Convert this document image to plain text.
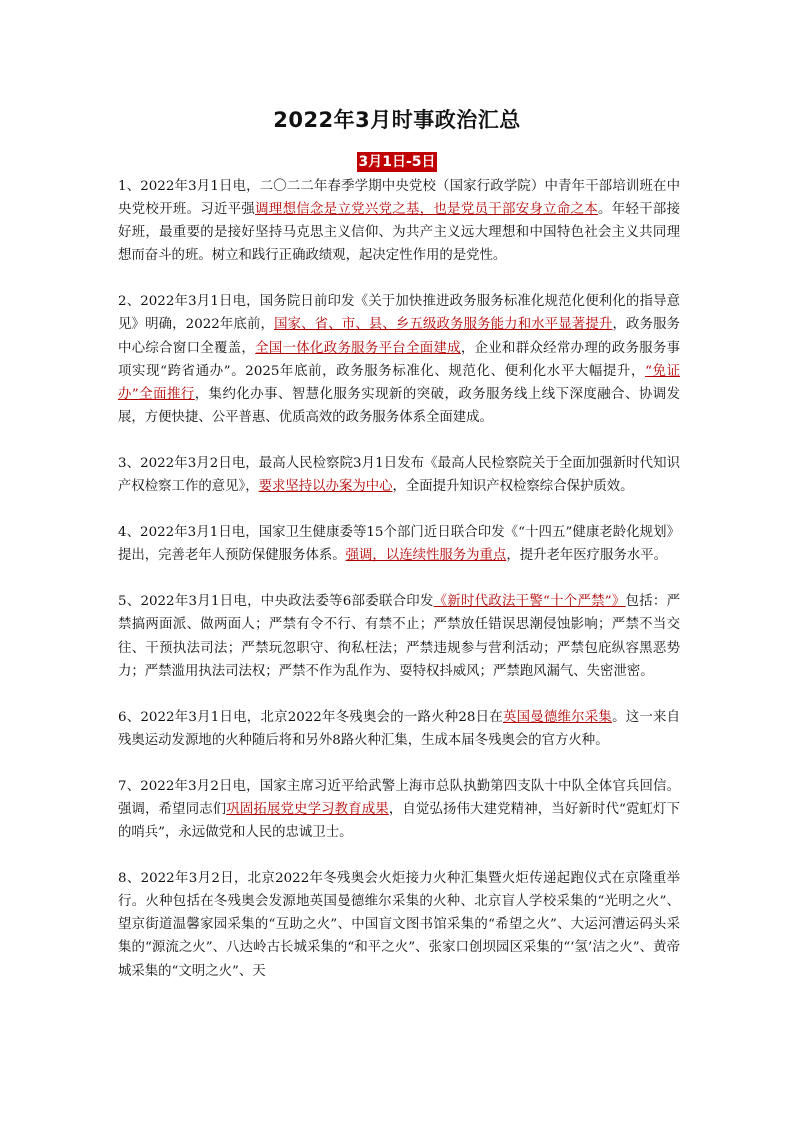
2022年3月时事政治汇总
3月1日-5日

1、2022年3月1日电，二〇二二年春季学期中央党校（国家行政学院）中青年干部培训班在中央党校开班。习近平强调理想信念是立党兴党之基，也是党员干部安身立命之本。年轻干部接好班，最重要的是接好坚持马克思主义信仰、为共产主义远大理想和中国特色社会主义共同理想而奋斗的班。树立和践行正确政绩观，起决定性作用的是党性。

2、2022年3月1日电，国务院日前印发《关于加快推进政务服务标准化规范化便利化的指导意见》明确，2022年底前，国家、省、市、县、乡五级政务服务能力和水平显著提升，政务服务中心综合窗口全覆盖，全国一体化政务服务平台全面建成，企业和群众经常办理的政务服务事项实现“跨省通办”。2025年底前，政务服务标准化、规范化、便利化水平大幅提升，“免证办”全面推行，集约化办事、智慧化服务实现新的突破，政务服务线上线下深度融合、协调发展，方便快捷、公平普惠、优质高效的政务服务体系全面建成。

3、2022年3月2日电，最高人民检察院3月1日发布《最高人民检察院关于全面加强新时代知识产权检察工作的意见》，要求坚持以办案为中心，全面提升知识产权检察综合保护质效。

4、2022年3月1日电，国家卫生健康委等15个部门近日联合印发《“十四五”健康老龄化规划》提出，完善老年人预防保健服务体系。强调，以连续性服务为重点，提升老年医疗服务水平。

5、2022年3月1日电，中央政法委等6部委联合印发《新时代政法干警“十个严禁”》包括：严禁搞两面派、做两面人；严禁有令不行、有禁不止；严禁放任错误思潮侵蚀影响；严禁不当交往、干预执法司法；严禁玩忽职守、徇私枉法；严禁违规参与营利活动；严禁包庇纵容黑恶势力；严禁滥用执法司法权；严禁不作为乱作为、耍特权抖威风；严禁跑风漏气、失密泄密。

6、2022年3月1日电，北京2022年冬残奥会的一路火种28日在英国曼德维尔采集。这一来自残奥运动发源地的火种随后将和另外8路火种汇集，生成本届冬残奥会的官方火种。

7、2022年3月2日电，国家主席习近平给武警上海市总队执勤第四支队十中队全体官兵回信。强调，希望同志们巩固拓展党史学习教育成果，自觉弘扬伟大建党精神，当好新时代“霓虹灯下的哨兵”，永远做党和人民的忠诚卫士。

8、2022年3月2日，北京2022年冬残奥会火炬接力火种汇集暨火炬传递起跑仪式在京隆重举行。火种包括在冬残奥会发源地英国曼德维尔采集的火种、北京盲人学校采集的“光明之火”、望京街道温馨家园采集的“互助之火”、中国盲文图书馆采集的“希望之火”、大运河漕运码头采集的“源流之火”、八达岭古长城采集的“和平之火”、张家口创坝园区采集的“‘氢’洁之火”、黄帝城采集的“文明之火”、天
